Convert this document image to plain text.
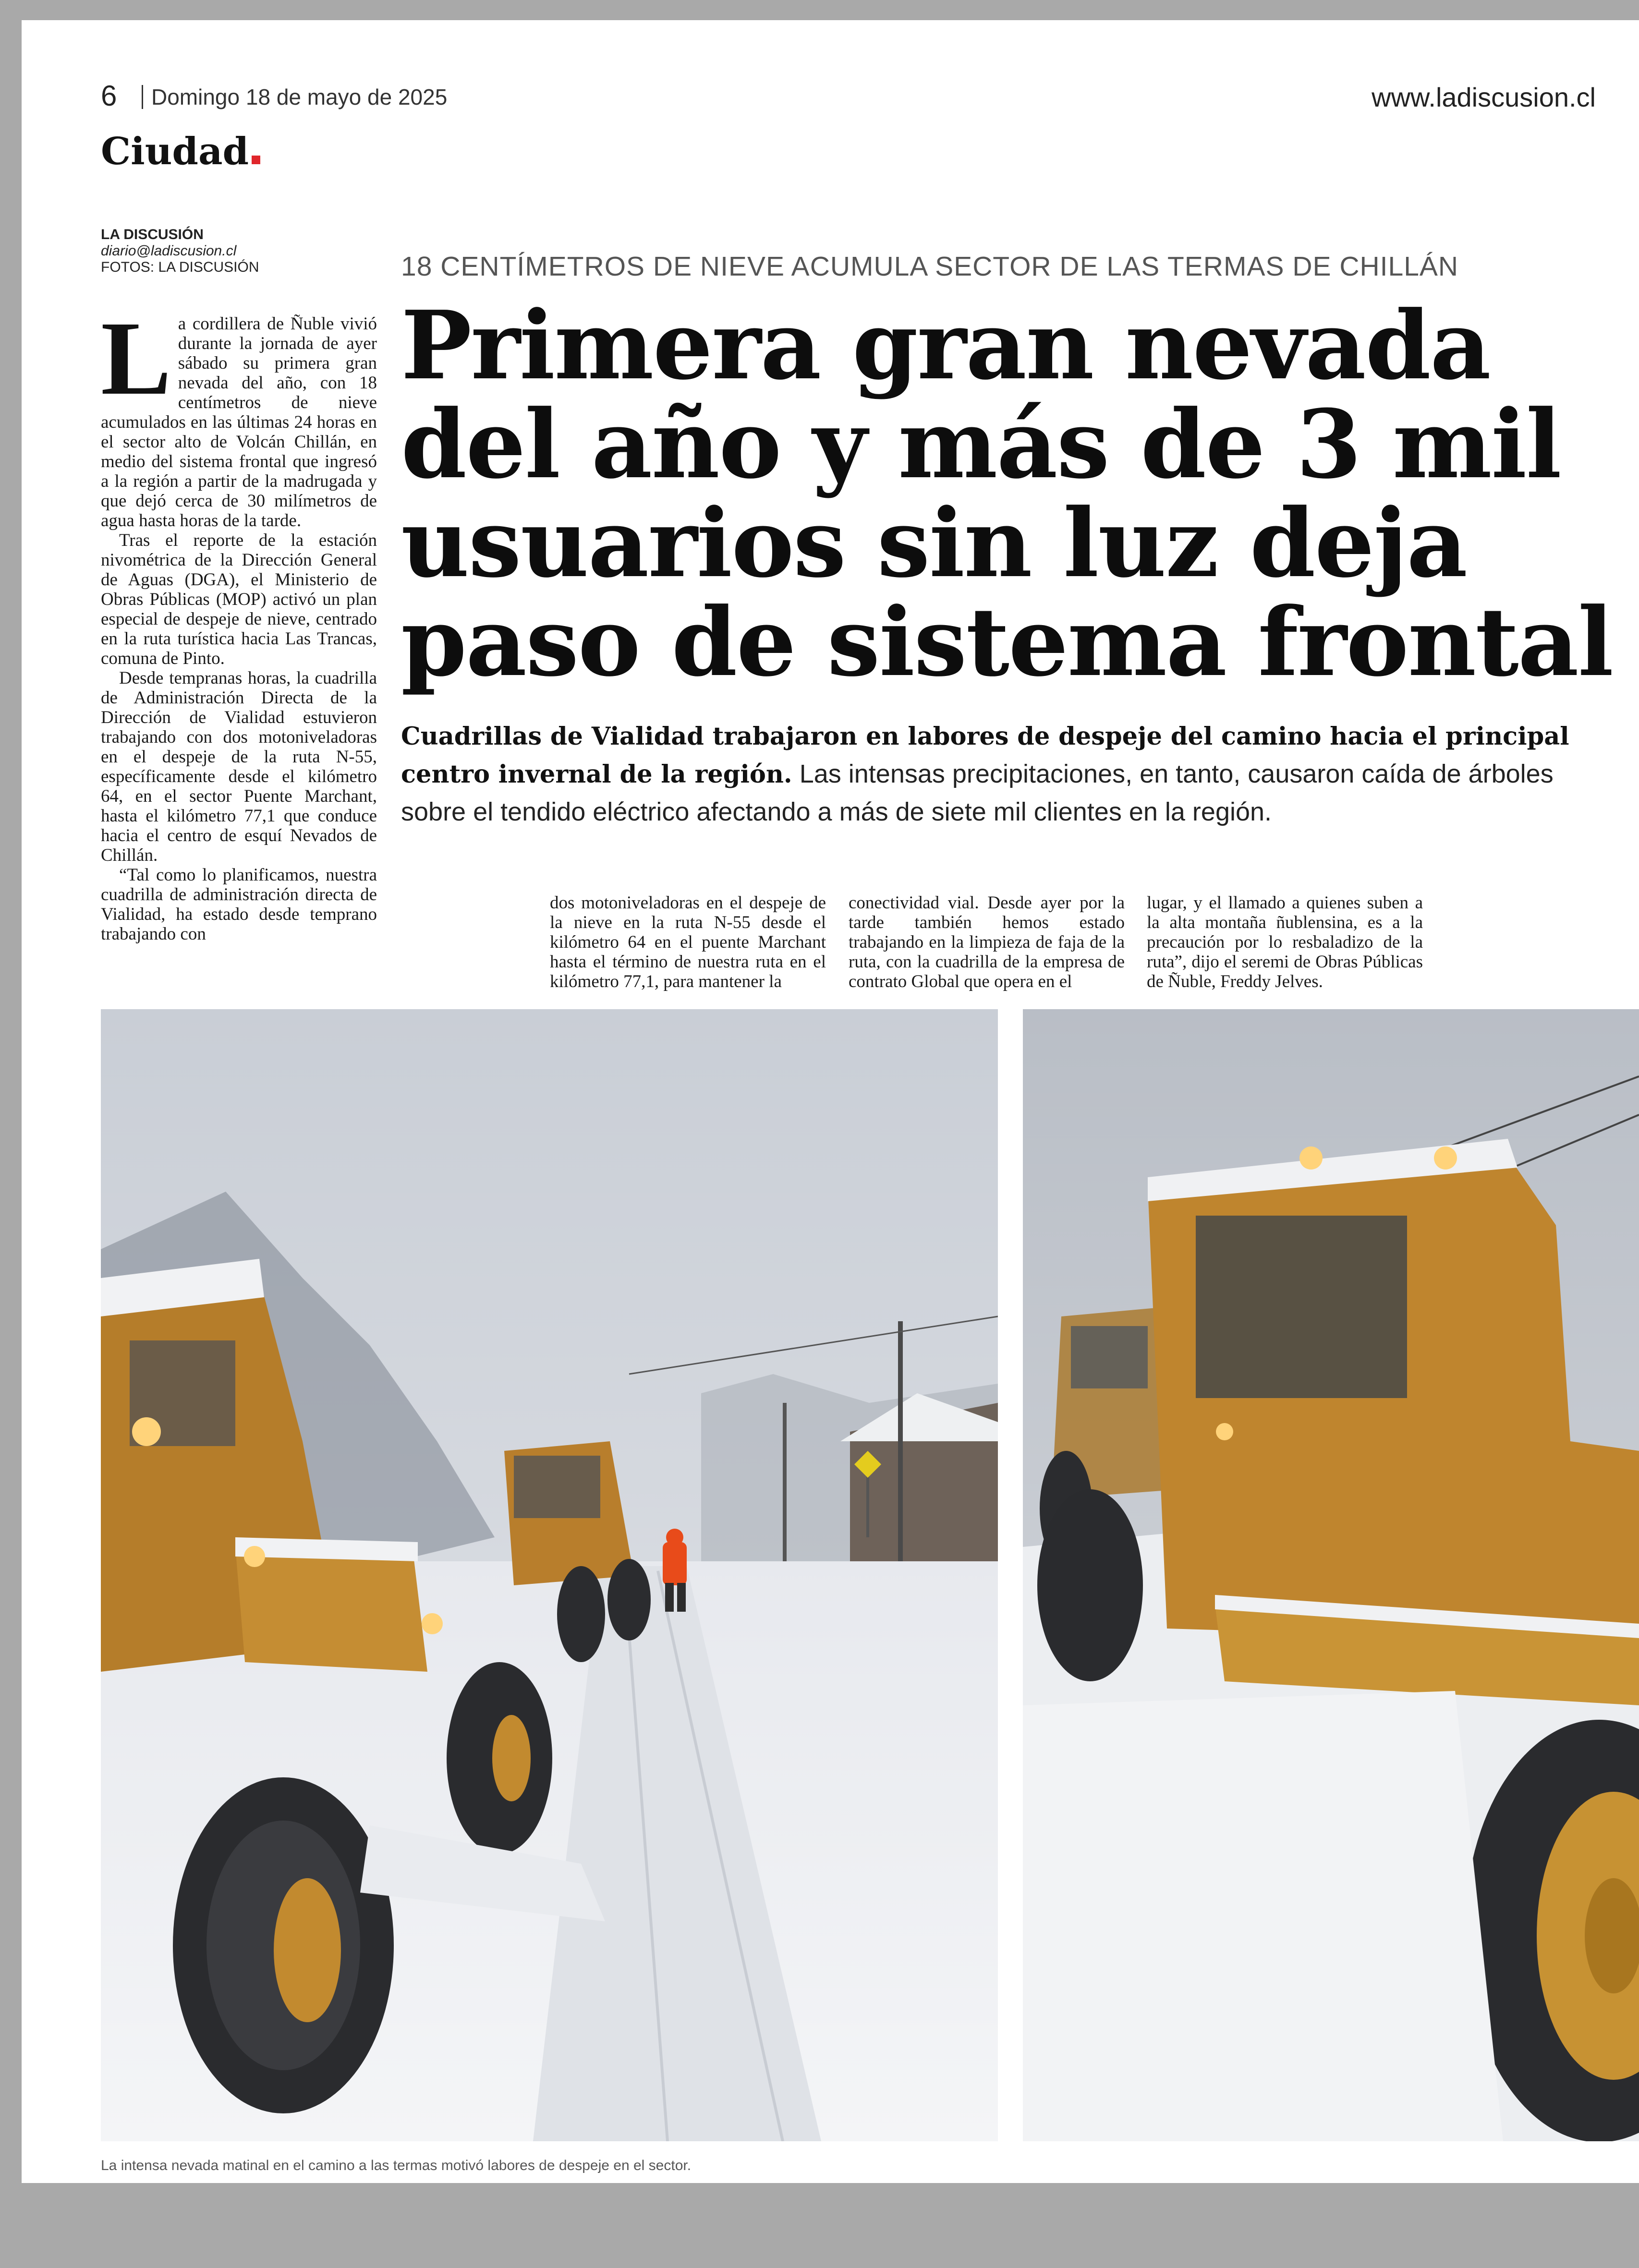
6 Domingo 18 de mayo de 2025	www.ladiscusion.cl
Ciudad
LA DISCUSIÓN
diario@ladiscusion.cl
FOTOS: LA DISCUSIÓN	18 CENTÍMETROS DE NIEVE ACUMULA SECTOR DE LAS TERMAS DE CHILLÁN
Primera gran nevada del año y más de 3 mil usuarios sin luz deja paso de sistema frontal
Cuadrillas de Vialidad trabajaron en labores de despeje del camino hacia el principal centro invernal de la región. Las intensas precipitaciones, en tanto, causaron caída de árboles sobre el tendido eléctrico afectando a más de siete mil clientes en la región.

La cordillera de Ñuble vivió durante la jornada de ayer sábado su primera gran nevada del año, con 18 centímetros de nieve acumulados en las últimas 24 horas en el sector alto de Volcán Chillán, en medio del sistema frontal que ingresó a la región a partir de la madrugada y que dejó cerca de 30 milímetros de agua hasta horas de la tarde.

Tras el reporte de la estación nivométrica de la Dirección General de Aguas (DGA), el Ministerio de Obras Públicas (MOP) activó un plan especial de despeje de nieve, centrado en la ruta turística hacia Las Trancas, comuna de Pinto.

Desde tempranas horas, la cuadrilla de Administración Directa de la Dirección de Vialidad estuvieron trabajando con dos motoniveladoras en el despeje de la ruta N-55, específicamente desde el kilómetro 64, en el sector Puente Marchant, hasta el kilómetro 77,1 que conduce hacia el centro de esquí Nevados de Chillán.

“Tal como lo planificamos, nuestra cuadrilla de administración directa de Vialidad, ha estado desde temprano trabajando con

dos motoniveladoras en el despeje de la nieve en la ruta N-55 desde el kilómetro 64 en el puente Marchant hasta el término de nuestra ruta en el kilómetro 77,1, para mantener la

conectividad vial. Desde ayer por la tarde también hemos estado trabajando en la limpieza de faja de la ruta, con la cuadrilla de la empresa de contrato Global que opera en el

lugar, y el llamado a quienes suben a la alta montaña ñublensina, es a la precaución por lo resbaladizo de la ruta”, dijo el seremi de Obras Públicas de Ñuble, Freddy Jelves.

La intensa nevada matinal en el camino a las termas motivó labores de despeje en el sector.
